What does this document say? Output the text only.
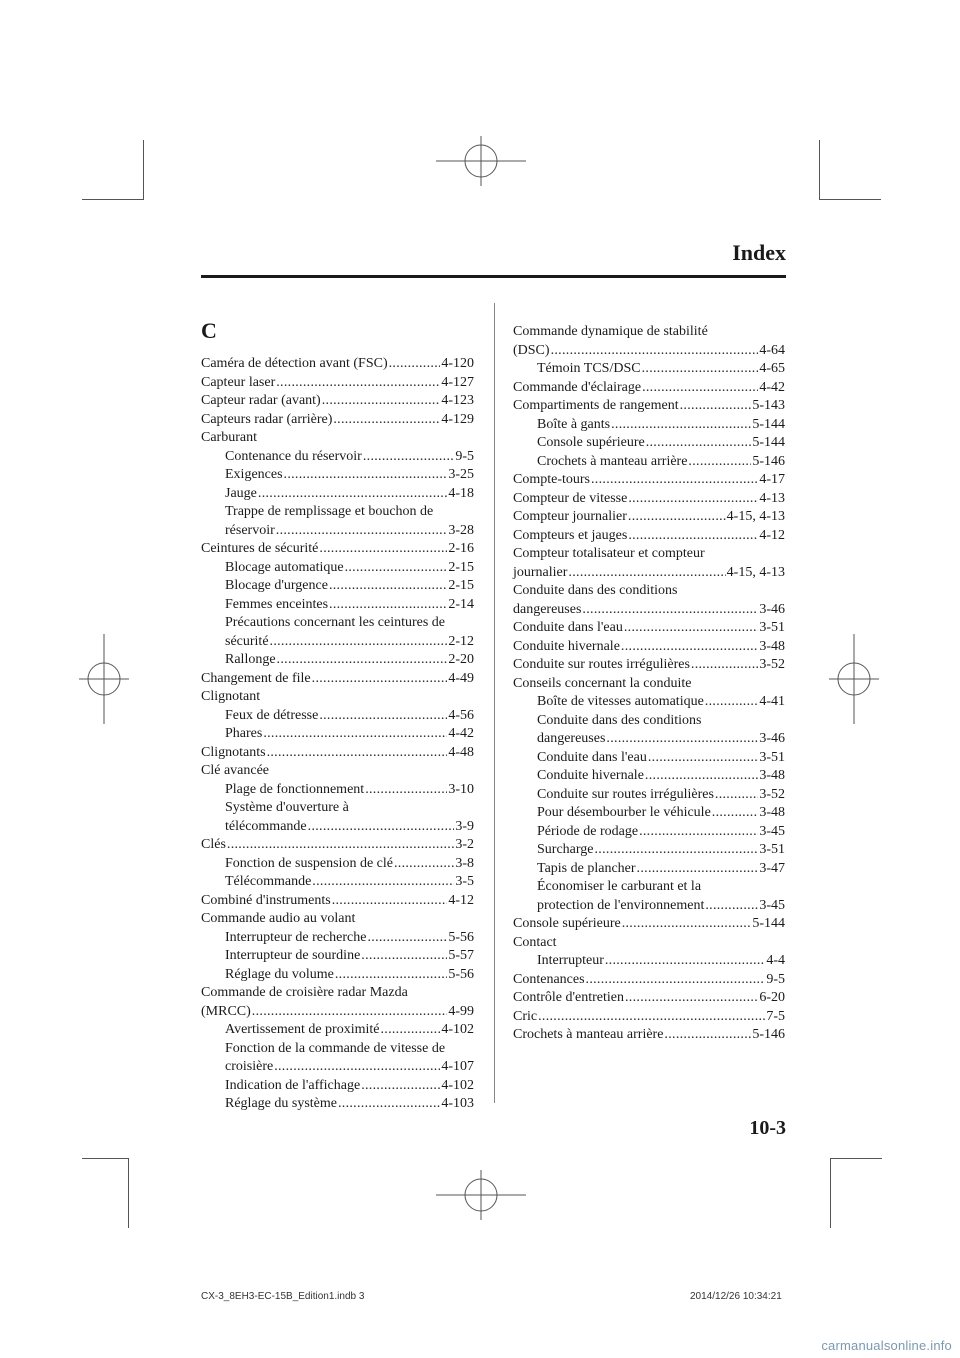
Index
C
Caméra de détection avant (FSC) . . .	4-120
Capteur laser . . .	4-127
Capteur radar (avant) . . .	4-123
Capteurs radar (arrière) . . .	4-129
Carburant
Contenance du réservoir . . .	9-5
Exigences . . .	3-25
Jauge . . .	4-18
Trappe de remplissage et bouchon de
réservoir . . .	3-28
Ceintures de sécurité . . .	2-16
Blocage automatique . . .	2-15
Blocage d'urgence . . .	2-15
Femmes enceintes . . .	2-14
Précautions concernant les ceintures de
sécurité . . .	2-12
Rallonge . . .	2-20
Changement de file . . .	4-49
Clignotant
Feux de détresse . . .	4-56
Phares . . .	4-42
Clignotants . . .	4-48
Clé avancée
Plage de fonctionnement . . .	3-10
Système d'ouverture à
télécommande . . .	3-9
Clés . . .	3-2
Fonction de suspension de clé . . .	3-8
Télécommande . . .	3-5
Combiné d'instruments . . .	4-12
Commande audio au volant
Interrupteur de recherche . . .	5-56
Interrupteur de sourdine . . .	5-57
Réglage du volume . . .	5-56
Commande de croisière radar Mazda
(MRCC) . . .	4-99
Avertissement de proximité . . .	4-102
Fonction de la commande de vitesse de
croisière . . .	4-107
Indication de l'affichage . . .	4-102
Réglage du système . . .	4-103
Commande dynamique de stabilité
(DSC) . . .	4-64
Témoin TCS/DSC . . .	4-65
Commande d'éclairage . . .	4-42
Compartiments de rangement . . .	5-143
Boîte à gants . . .	5-144
Console supérieure . . .	5-144
Crochets à manteau arrière . . .	5-146
Compte-tours . . .	4-17
Compteur de vitesse . . .	4-13
Compteur journalier . . .	4-15, 4-13
Compteurs et jauges . . .	4-12
Compteur totalisateur et compteur
journalier . . .	4-15, 4-13
Conduite dans des conditions
dangereuses . . .	3-46
Conduite dans l'eau . . .	3-51
Conduite hivernale . . .	3-48
Conduite sur routes irrégulières . . .	3-52
Conseils concernant la conduite
Boîte de vitesses automatique . . .	4-41
Conduite dans des conditions
dangereuses . . .	3-46
Conduite dans l'eau . . .	3-51
Conduite hivernale . . .	3-48
Conduite sur routes irrégulières . . .	3-52
Pour désembourber le véhicule . . .	3-48
Période de rodage . . .	3-45
Surcharge . . .	3-51
Tapis de plancher . . .	3-47
Économiser le carburant et la
protection de l'environnement . . .	3-45
Console supérieure . . .	5-144
Contact
Interrupteur . . .	4-4
Contenances . . .	9-5
Contrôle d'entretien . . .	6-20
Cric . . .	7-5
Crochets à manteau arrière . . .	5-146
10-3
CX-3_8EH3-EC-15B_Edition1.indb 3	2014/12/26 10:34:21
carmanualsonline.info
